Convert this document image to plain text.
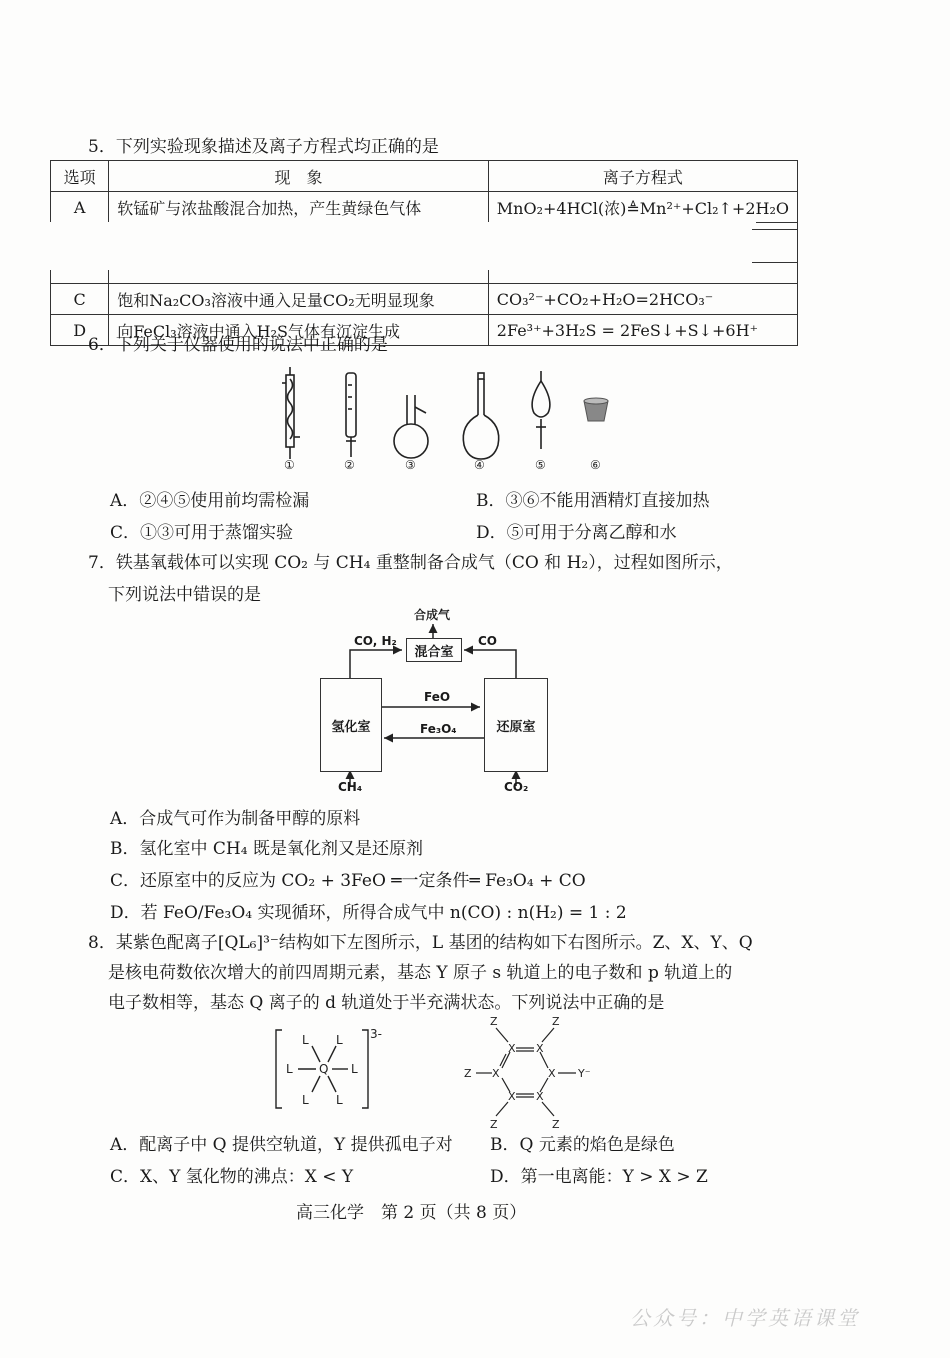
5．下列实验现象描述及离子方程式均正确的是
选项	现　象	离子方程式
A	软锰矿与浓盐酸混合加热，产生黄绿色气体	MnO₂+4HCl(浓)≜Mn²⁺+Cl₂↑+2H₂O

C	饱和Na₂CO₃溶液中通入足量CO₂无明显现象	CO₃²⁻+CO₂+H₂O=2HCO₃⁻
D	向FeCl₃溶液中通入H₂S气体有沉淀生成	2Fe³⁺+3H₂S = 2FeS↓+S↓+6H⁺
6．下列关于仪器使用的说法中正确的是
①	②	③	④	⑤	⑥
A．②④⑤使用前均需检漏	B．③⑥不能用酒精灯直接加热
C．①③可用于蒸馏实验	D．⑤可用于分离乙醇和水
7．铁基氧载体可以实现 CO₂ 与 CH₄ 重整制备合成气（CO 和 H₂），过程如图所示，
下列说法中错误的是
合成气
混合室
CO, H₂	CO
氢化室	还原室
FeO
Fe₃O₄
CH₄	CO₂
A．合成气可作为制备甲醇的原料
B．氢化室中 CH₄ 既是氧化剂又是还原剂
C．还原室中的反应为 CO₂ + 3FeO ═一定条件═ Fe₃O₄ + CO
D．若 FeO/Fe₃O₄ 实现循环，所得合成气中 n(CO) : n(H₂) = 1 : 2
8．某紫色配离子[QL₆]³⁻结构如下左图所示，L 基团的结构如下右图所示。Z、X、Y、Q
是核电荷数依次增大的前四周期元素，基态 Y 原子 s 轨道上的电子数和 p 轨道上的
电子数相等，基态 Q 离子的 d 轨道处于半充满状态。下列说法中正确的是
L L
L Q L
L L
3-
Z	Z
X X
Z X	X Y⁻
X X
Z	Z
A．配离子中 Q 提供空轨道，Y 提供孤电子对 B．Q 元素的焰色是绿色
C．X、Y 氢化物的沸点：X < Y	D．第一电离能：Y > X > Z
高三化学　第 2 页（共 8 页）
公众号：中学英语课堂
